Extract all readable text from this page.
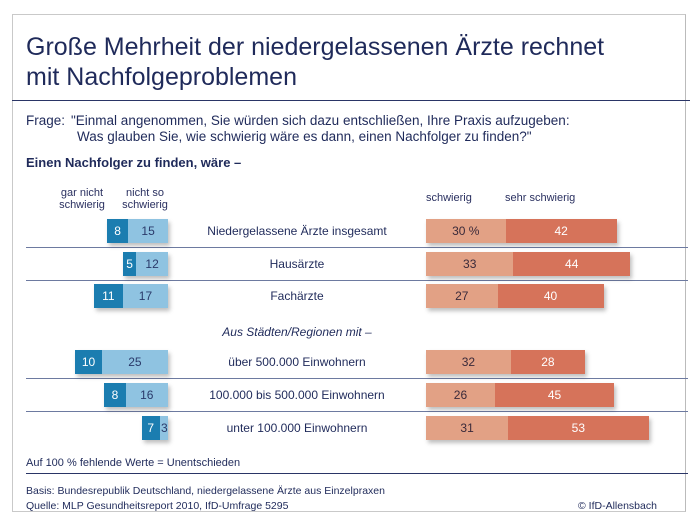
Große Mehrheit der niedergelassenen Ärzte rechnet
mit Nachfolgeproblemen
Frage: "Einmal angenommen, Sie würden sich dazu entschließen, Ihre Praxis aufzugeben:
Was glauben Sie, wie schwierig wäre es dann, einen Nachfolger zu finden?"
Einen Nachfolger zu finden, wäre –
gar nicht
schwierig
nicht so
schwierig
schwierig	sehr schwierig
Aus Städten/Regionen mit –
Niedergelassene Ärzte insgesamt
8	15	30 %	42
Hausärzte
5	12	33	44
Fachärzte
11	17	27	40
über 500.000 Einwohnern
10	25	32	28
100.000 bis 500.000 Einwohnern
8	16	26	45
unter 100.000 Einwohnern
7 3	31	53
Auf 100 % fehlende Werte = Unentschieden
Basis: Bundesrepublik Deutschland, niedergelassene Ärzte aus Einzelpraxen
Quelle: MLP Gesundheitsreport 2010, IfD-Umfrage 5295	© IfD-Allensbach
